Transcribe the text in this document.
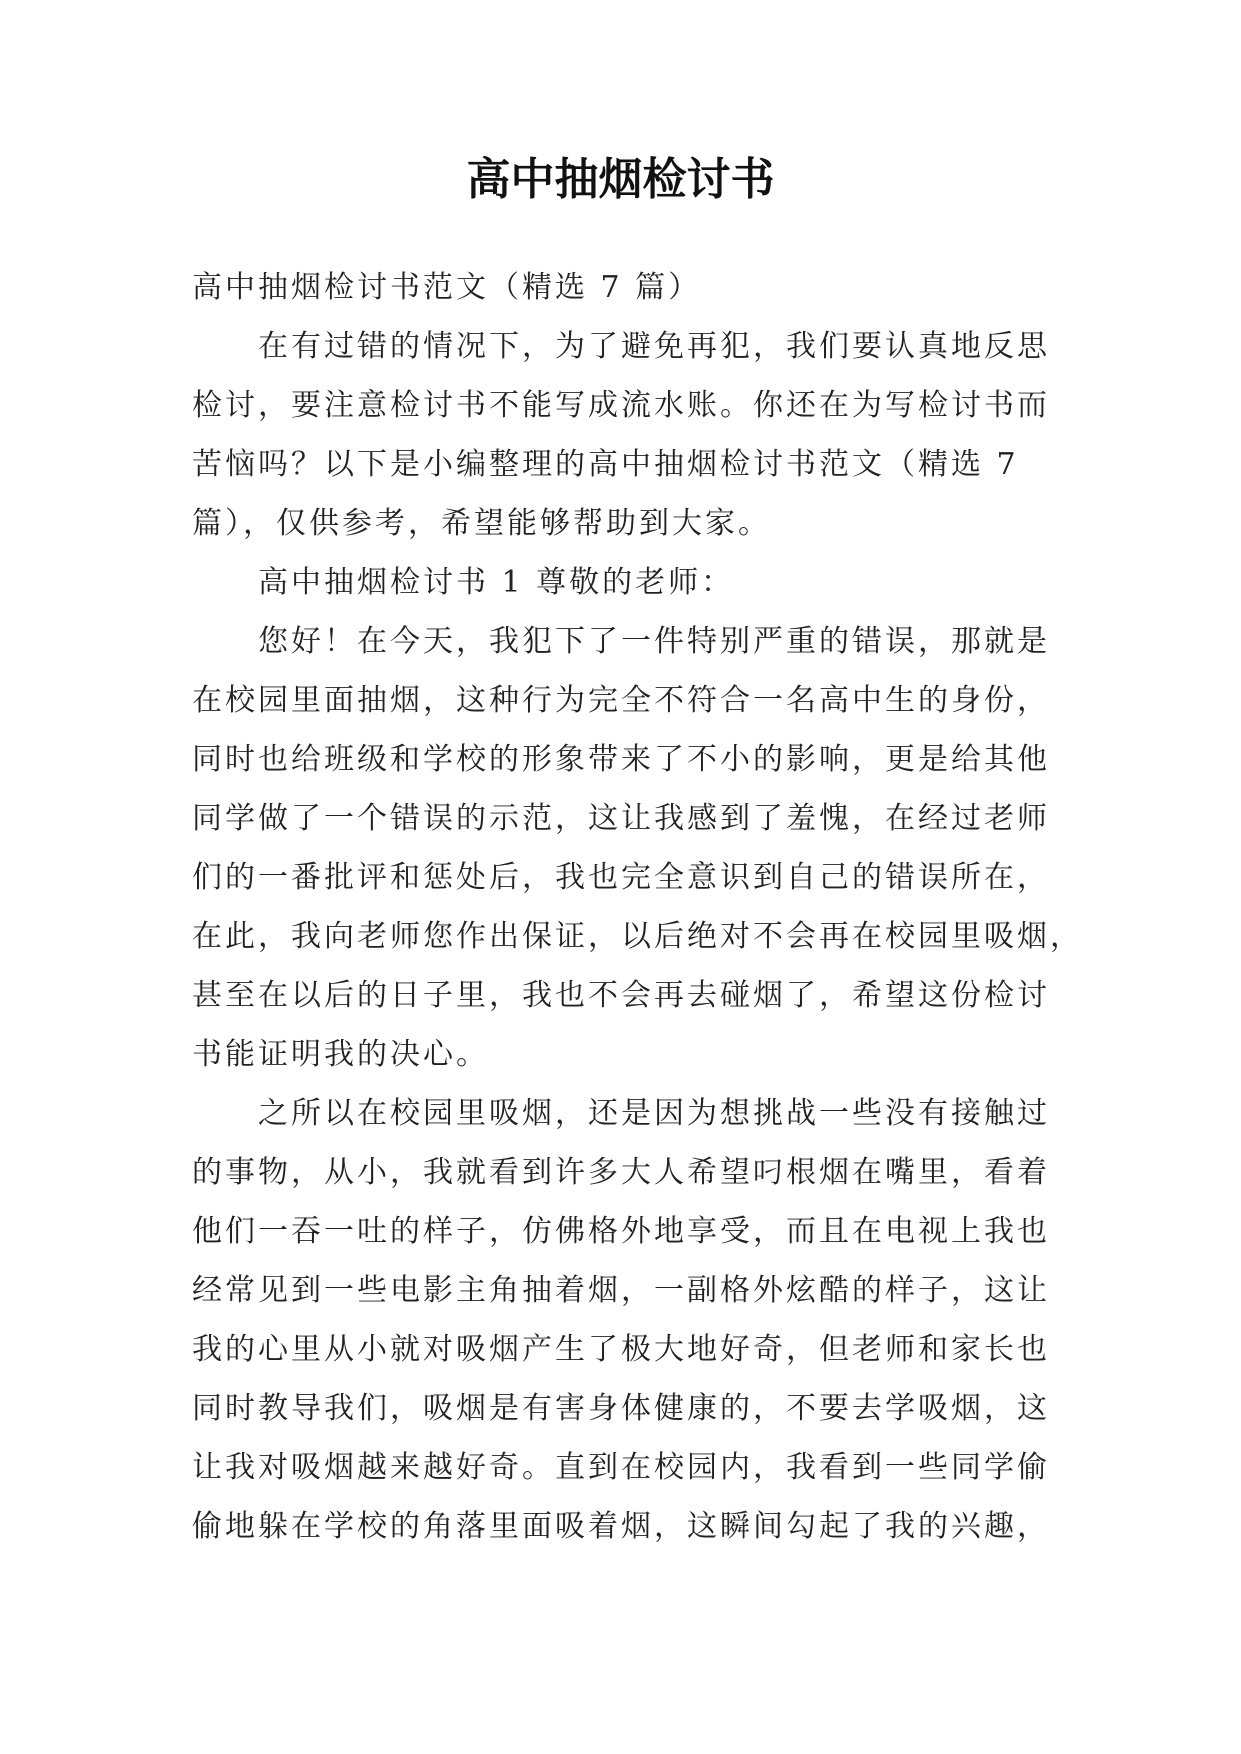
高中抽烟检讨书

高中抽烟检讨书范文（精选 7 篇）

在有过错的情况下，为了避免再犯，我们要认真地反思

检讨，要注意检讨书不能写成流水账。你还在为写检讨书而

苦恼吗？以下是小编整理的高中抽烟检讨书范文（精选 7

篇），仅供参考，希望能够帮助到大家。

高中抽烟检讨书 1 尊敬的老师：

您好！在今天，我犯下了一件特别严重的错误，那就是

在校园里面抽烟，这种行为完全不符合一名高中生的身份，

同时也给班级和学校的形象带来了不小的影响，更是给其他

同学做了一个错误的示范，这让我感到了羞愧，在经过老师

们的一番批评和惩处后，我也完全意识到自己的错误所在，

在此，我向老师您作出保证，以后绝对不会再在校园里吸烟，

甚至在以后的日子里，我也不会再去碰烟了，希望这份检讨

书能证明我的决心。

之所以在校园里吸烟，还是因为想挑战一些没有接触过

的事物，从小，我就看到许多大人希望叼根烟在嘴里，看着

他们一吞一吐的样子，仿佛格外地享受，而且在电视上我也

经常见到一些电影主角抽着烟，一副格外炫酷的样子，这让

我的心里从小就对吸烟产生了极大地好奇，但老师和家长也

同时教导我们，吸烟是有害身体健康的，不要去学吸烟，这

让我对吸烟越来越好奇。直到在校园内，我看到一些同学偷

偷地躲在学校的角落里面吸着烟，这瞬间勾起了我的兴趣，
